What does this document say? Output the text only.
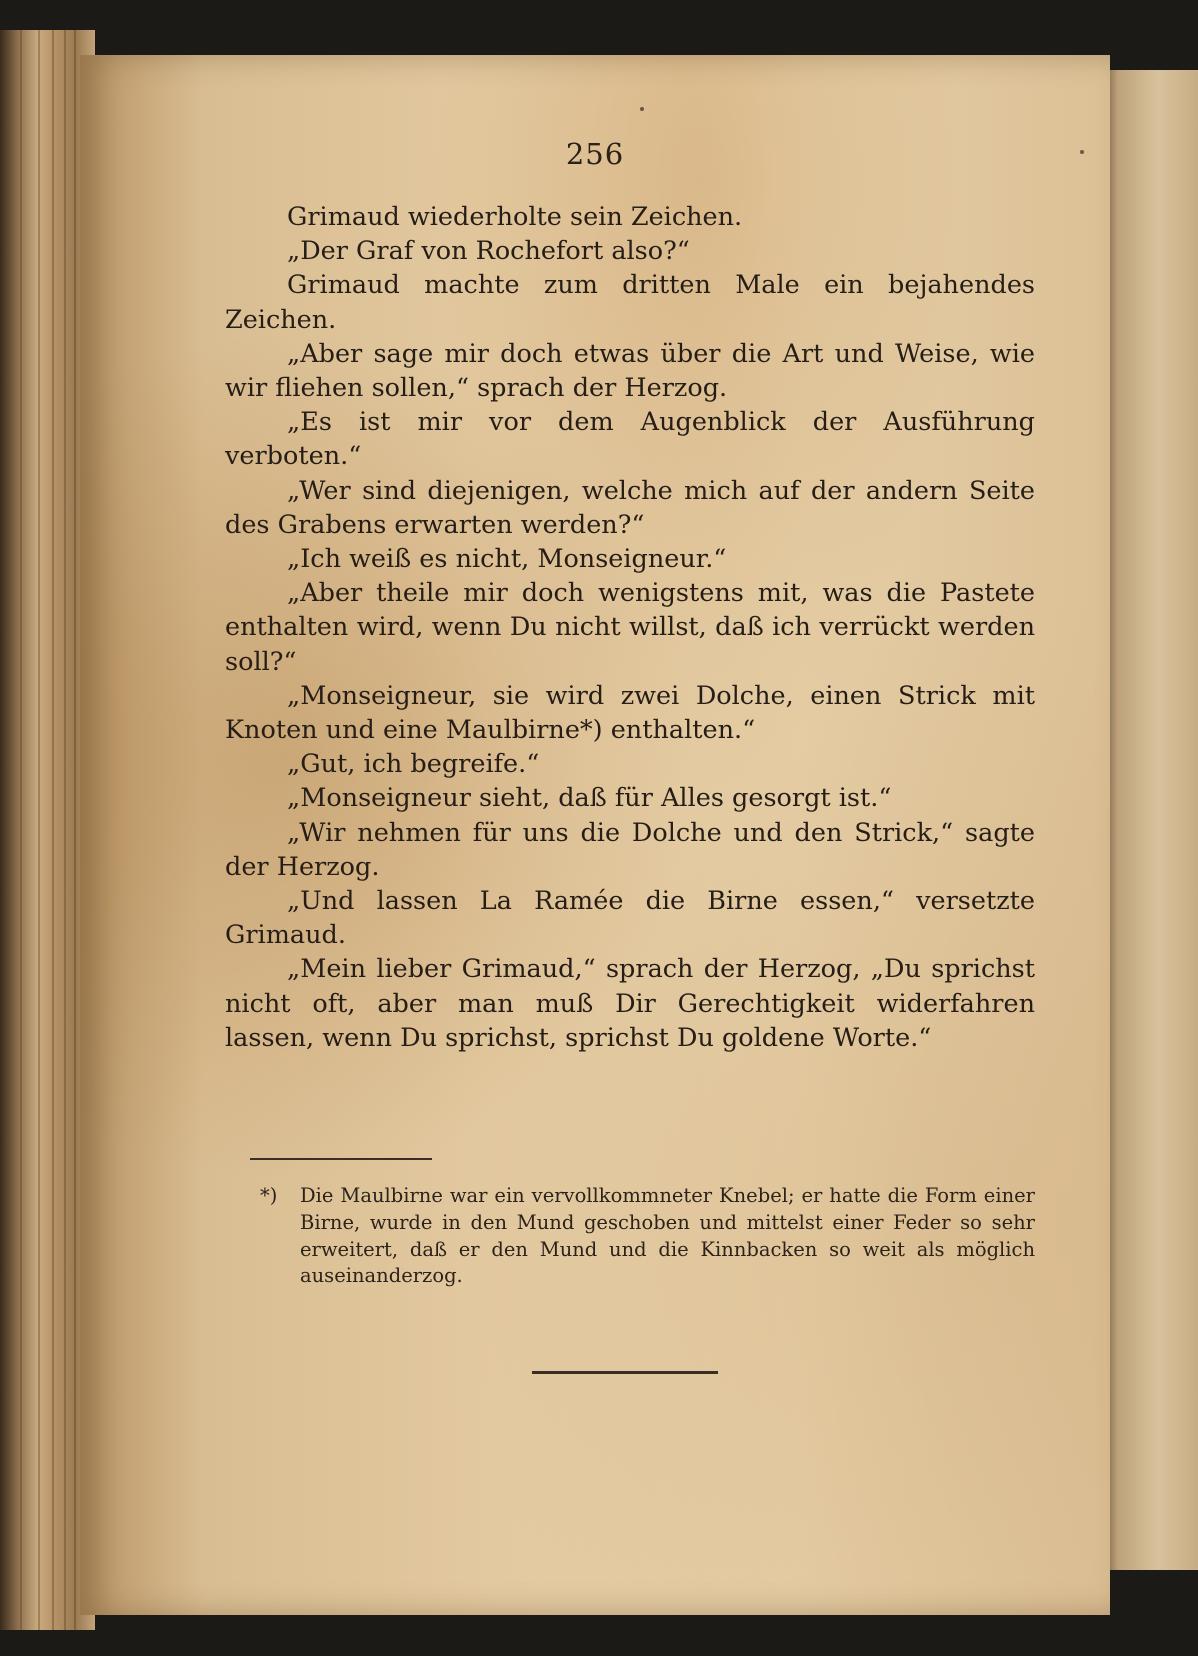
256

Grimaud wiederholte sein Zeichen.

„Der Graf von Rochefort also?“

Grimaud machte zum dritten Male ein bejahendes Zeichen.

„Aber sage mir doch etwas über die Art und Weise, wie wir fliehen sollen,“ sprach der Herzog.

„Es ist mir vor dem Augenblick der Ausführung verboten.“

„Wer sind diejenigen, welche mich auf der andern Seite des Grabens erwarten werden?“

„Ich weiß es nicht, Monseigneur.“

„Aber theile mir doch wenigstens mit, was die Pastete enthalten wird, wenn Du nicht willst, daß ich verrückt werden soll?“

„Monseigneur, sie wird zwei Dolche, einen Strick mit Knoten und eine Maulbirne*) enthalten.“

„Gut, ich begreife.“

„Monseigneur sieht, daß für Alles gesorgt ist.“

„Wir nehmen für uns die Dolche und den Strick,“ sagte der Herzog.

„Und lassen La Ramée die Birne essen,“ versetzte Grimaud.

„Mein lieber Grimaud,“ sprach der Herzog, „Du sprichst nicht oft, aber man muß Dir Gerechtigkeit widerfahren lassen, wenn Du sprichst, sprichst Du goldene Worte.“

*) Die Maulbirne war ein vervollkommneter Knebel; er hatte die Form einer Birne, wurde in den Mund geschoben und mittelst einer Feder so sehr erweitert, daß er den Mund und die Kinnbacken so weit als möglich auseinanderzog.
